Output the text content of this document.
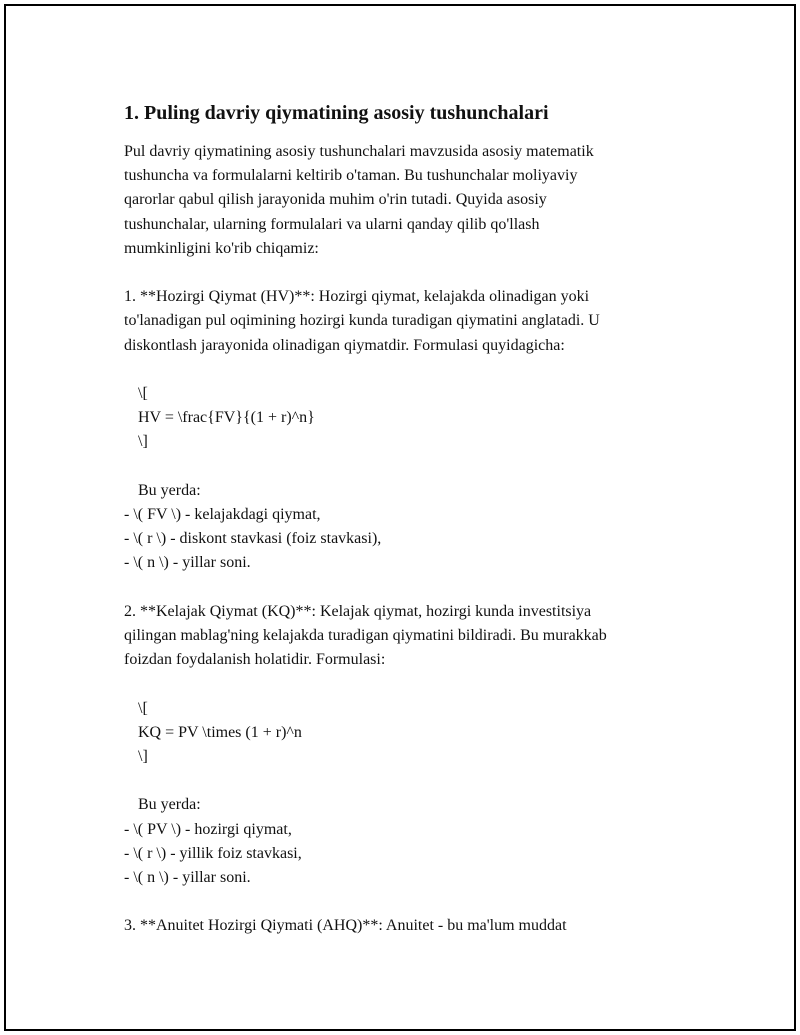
1. Puling davriy qiymatining asosiy tushunchalari

Pul davriy qiymatining asosiy tushunchalari mavzusida asosiy matematik
tushuncha va formulalarni keltirib o'taman. Bu tushunchalar moliyaviy
qarorlar qabul qilish jarayonida muhim o'rin tutadi. Quyida asosiy
tushunchalar, ularning formulalari va ularni qanday qilib qo'llash
mumkinligini ko'rib chiqamiz:
1. **Hozirgi Qiymat (HV)**: Hozirgi qiymat, kelajakda olinadigan yoki
to'lanadigan pul oqimining hozirgi kunda turadigan qiymatini anglatadi. U
diskontlash jarayonida olinadigan qiymatdir. Formulasi quyidagicha:
\[
HV = \frac{FV}{(1 + r)^n}
\]
Bu yerda:
- \( FV \) - kelajakdagi qiymat,
- \( r \) - diskont stavkasi (foiz stavkasi),
- \( n \) - yillar soni.
2. **Kelajak Qiymat (KQ)**: Kelajak qiymat, hozirgi kunda investitsiya
qilingan mablag'ning kelajakda turadigan qiymatini bildiradi. Bu murakkab
foizdan foydalanish holatidir. Formulasi:
\[
KQ = PV \times (1 + r)^n
\]
Bu yerda:
- \( PV \) - hozirgi qiymat,
- \( r \) - yillik foiz stavkasi,
- \( n \) - yillar soni.
3. **Anuitet Hozirgi Qiymati (AHQ)**: Anuitet - bu ma'lum muddat
